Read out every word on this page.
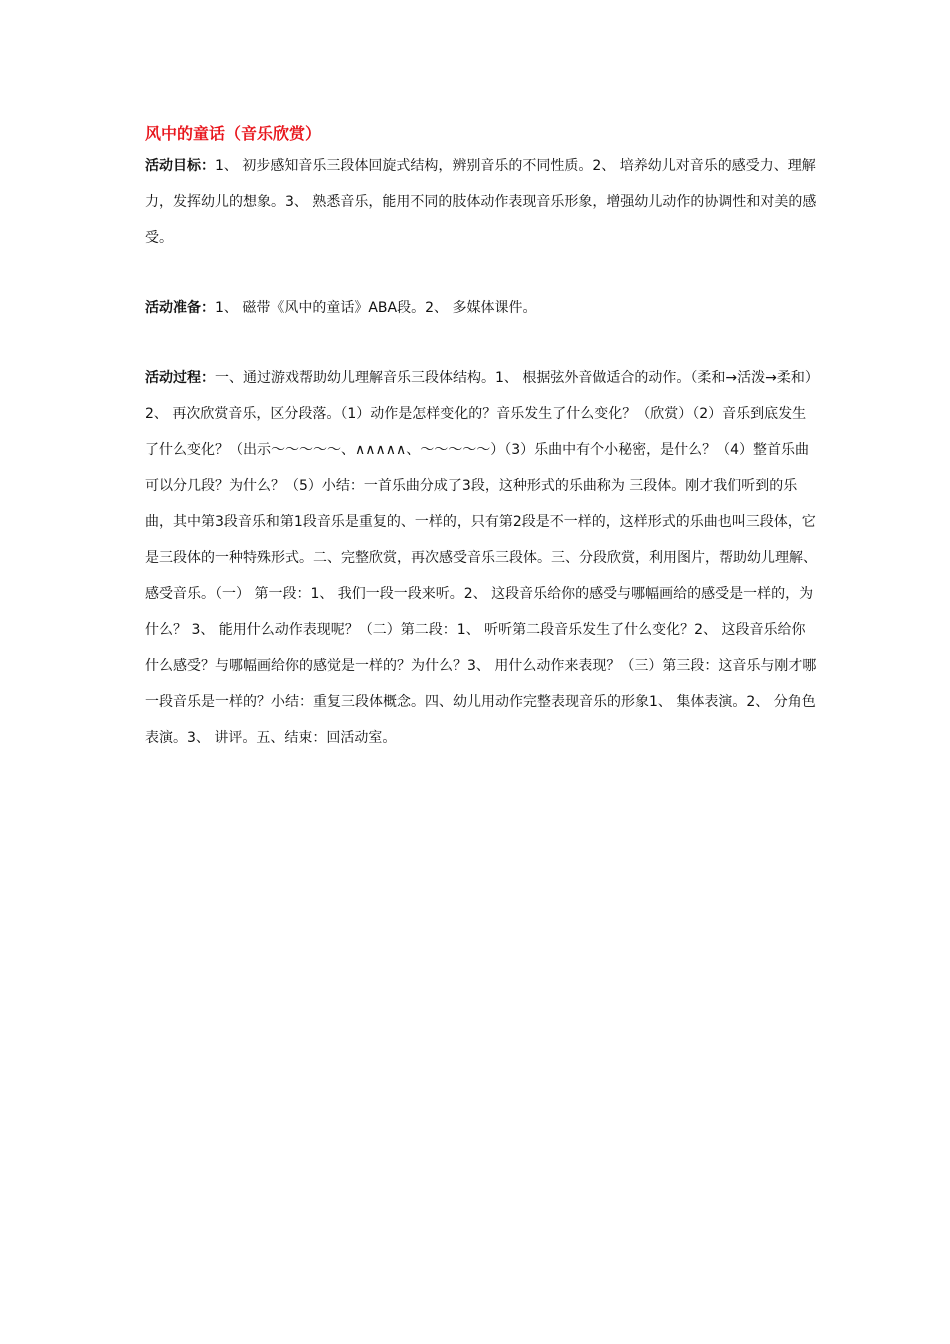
风中的童话（音乐欣赏）

活动目标：1、 初步感知音乐三段体回旋式结构，辨别音乐的不同性质。2、 培养幼儿对音乐的感受力、理解力，发挥幼儿的想象。3、 熟悉音乐，能用不同的肢体动作表现音乐形象，增强幼儿动作的协调性和对美的感受。

活动准备：1、 磁带《风中的童话》ABA段。2、 多媒体课件。

活动过程：一、通过游戏帮助幼儿理解音乐三段体结构。1、 根据弦外音做适合的动作。（柔和→活泼→柔和）2、 再次欣赏音乐，区分段落。（1）动作是怎样变化的？音乐发生了什么变化？（欣赏）（2）音乐到底发生了什么变化？（出示～～～～～、∧∧∧∧∧、～～～～～）（3）乐曲中有个小秘密，是什么？（4）整首乐曲可以分几段？为什么？（5）小结：一首乐曲分成了3段，这种形式的乐曲称为 三段体。刚才我们听到的乐曲，其中第3段音乐和第1段音乐是重复的、一样的，只有第2段是不一样的，这样形式的乐曲也叫三段体，它是三段体的一种特殊形式。二、完整欣赏，再次感受音乐三段体。三、分段欣赏，利用图片，帮助幼儿理解、感受音乐。（一） 第一段：1、 我们一段一段来听。2、 这段音乐给你的感受与哪幅画给的感受是一样的，为什么？ 3、 能用什么动作表现呢？（二）第二段：1、 听听第二段音乐发生了什么变化？2、 这段音乐给你什么感受？与哪幅画给你的感觉是一样的？为什么？3、 用什么动作来表现？（三）第三段：这音乐与刚才哪一段音乐是一样的？小结：重复三段体概念。四、幼儿用动作完整表现音乐的形象1、 集体表演。2、 分角色表演。3、 讲评。五、结束：回活动室。
